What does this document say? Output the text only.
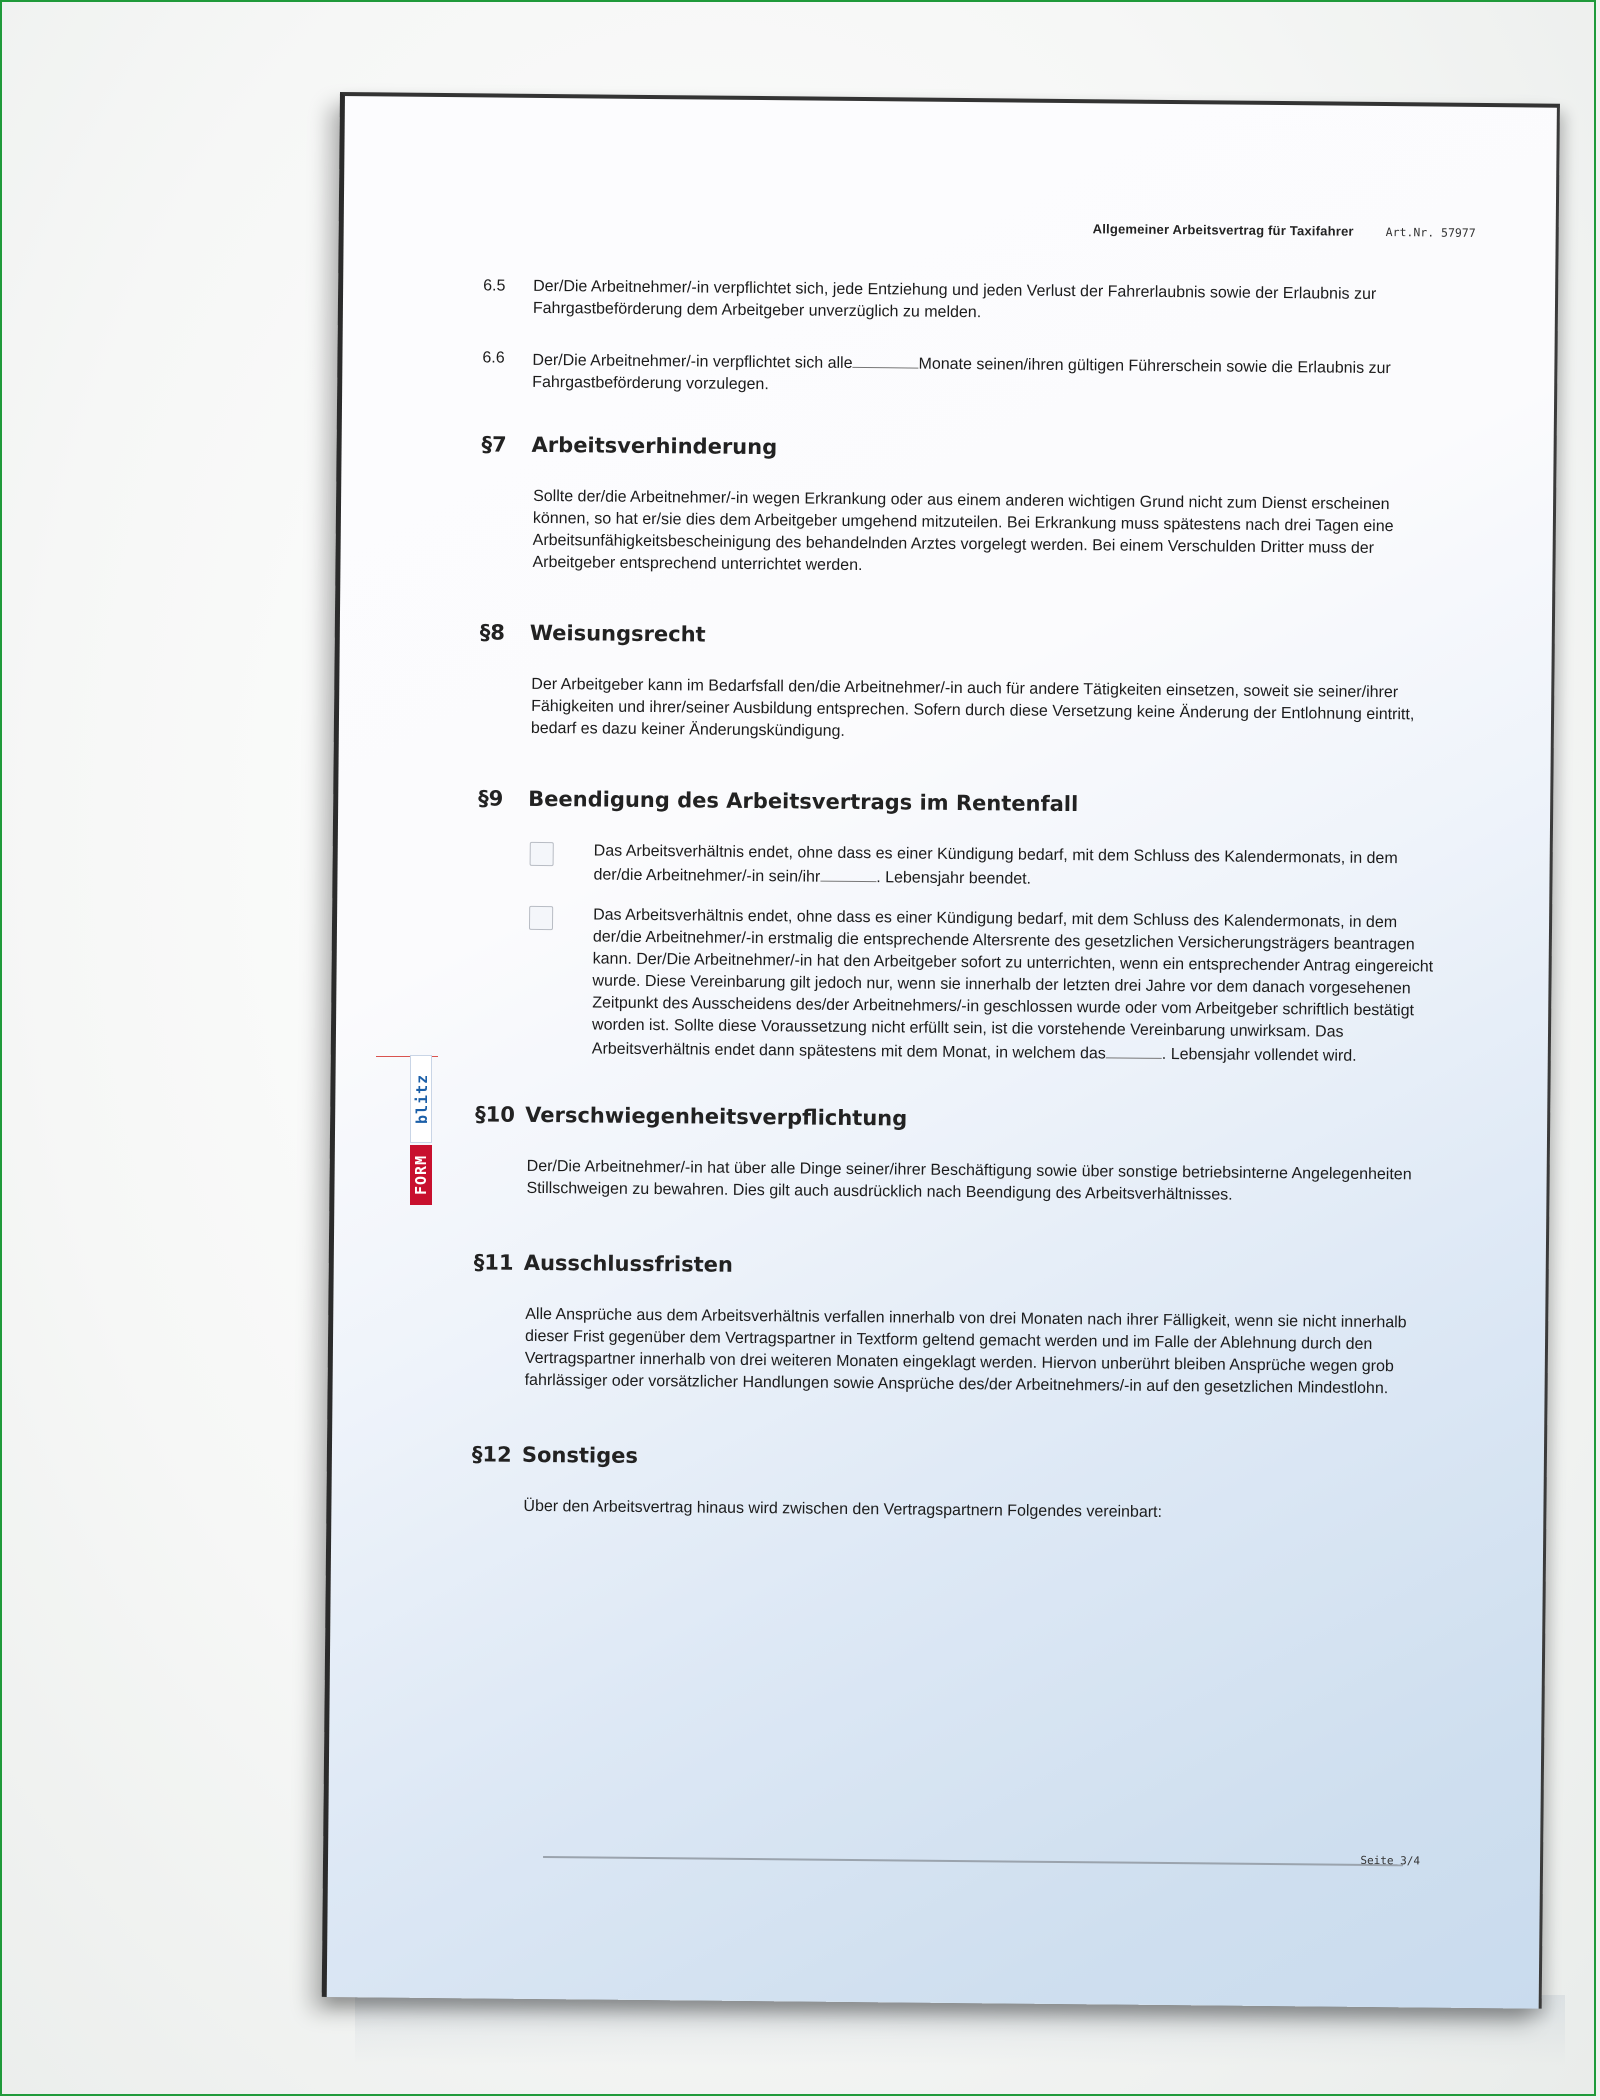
Allgemeiner Arbeitsvertrag für Taxifahrer	Art.Nr. 57977
6.5	Der/Die Arbeitnehmer/-in verpflichtet sich, jede Entziehung und jeden Verlust der Fahrerlaubnis sowie der Erlaubnis zur Fahrgastbeförderung dem Arbeitgeber unverzüglich zu melden.
6.6	Der/Die Arbeitnehmer/-in verpflichtet sich alle	Monate seinen/ihren gültigen Führerschein sowie die Erlaubnis zur Fahrgastbeförderung vorzulegen.
§7	Arbeitsverhinderung
Sollte der/die Arbeitnehmer/-in wegen Erkrankung oder aus einem anderen wichtigen Grund nicht zum Dienst erscheinen können, so hat er/sie dies dem Arbeitgeber umgehend mitzuteilen. Bei Erkrankung muss spätestens nach drei Tagen eine Arbeitsunfähigkeitsbescheinigung des behandelnden Arztes vorgelegt werden. Bei einem Verschulden Dritter muss der Arbeitgeber entsprechend unterrichtet werden.
§8	Weisungsrecht
Der Arbeitgeber kann im Bedarfsfall den/die Arbeitnehmer/-in auch für andere Tätigkeiten einsetzen, soweit sie seiner/ihrer Fähigkeiten und ihrer/seiner Ausbildung entsprechen. Sofern durch diese Versetzung keine Änderung der Entlohnung eintritt, bedarf es dazu keiner Änderungskündigung.
§9	Beendigung des Arbeitsvertrags im Rentenfall
Das Arbeitsverhältnis endet, ohne dass es einer Kündigung bedarf, mit dem Schluss des Kalendermonats, in dem der/die Arbeitnehmer/-in sein/ihr	. Lebensjahr beendet.
Das Arbeitsverhältnis endet, ohne dass es einer Kündigung bedarf, mit dem Schluss des Kalendermonats, in dem der/die Arbeitnehmer/-in erstmalig die entsprechende Altersrente des gesetzlichen Versicherungsträgers beantragen kann. Der/Die Arbeitnehmer/-in hat den Arbeitgeber sofort zu unterrichten, wenn ein entsprechender Antrag eingereicht wurde. Diese Vereinbarung gilt jedoch nur, wenn sie innerhalb der letzten drei Jahre vor dem danach vorgesehenen Zeitpunkt des Ausscheidens des/der Arbeitnehmers/-in geschlossen wurde oder vom Arbeitgeber schriftlich bestätigt worden ist. Sollte diese Voraussetzung nicht erfüllt sein, ist die vorstehende Vereinbarung unwirksam. Das Arbeitsverhältnis endet dann spätestens mit dem Monat, in welchem das	. Lebensjahr vollendet wird.
§10 Verschwiegenheitsverpflichtung
Der/Die Arbeitnehmer/-in hat über alle Dinge seiner/ihrer Beschäftigung sowie über sonstige betriebsinterne Angelegenheiten Stillschweigen zu bewahren. Dies gilt auch ausdrücklich nach Beendigung des Arbeitsverhältnisses.
§11 Ausschlussfristen
Alle Ansprüche aus dem Arbeitsverhältnis verfallen innerhalb von drei Monaten nach ihrer Fälligkeit, wenn sie nicht innerhalb dieser Frist gegenüber dem Vertragspartner in Textform geltend gemacht werden und im Falle der Ablehnung durch den Vertragspartner innerhalb von drei weiteren Monaten eingeklagt werden. Hiervon unberührt bleiben Ansprüche wegen grob fahrlässiger oder vorsätzlicher Handlungen sowie Ansprüche des/der Arbeitnehmers/-in auf den gesetzlichen Mindestlohn.
§12 Sonstiges
Über den Arbeitsvertrag hinaus wird zwischen den Vertragspartnern Folgendes vereinbart:
Seite 3/4
blitz
FORM
